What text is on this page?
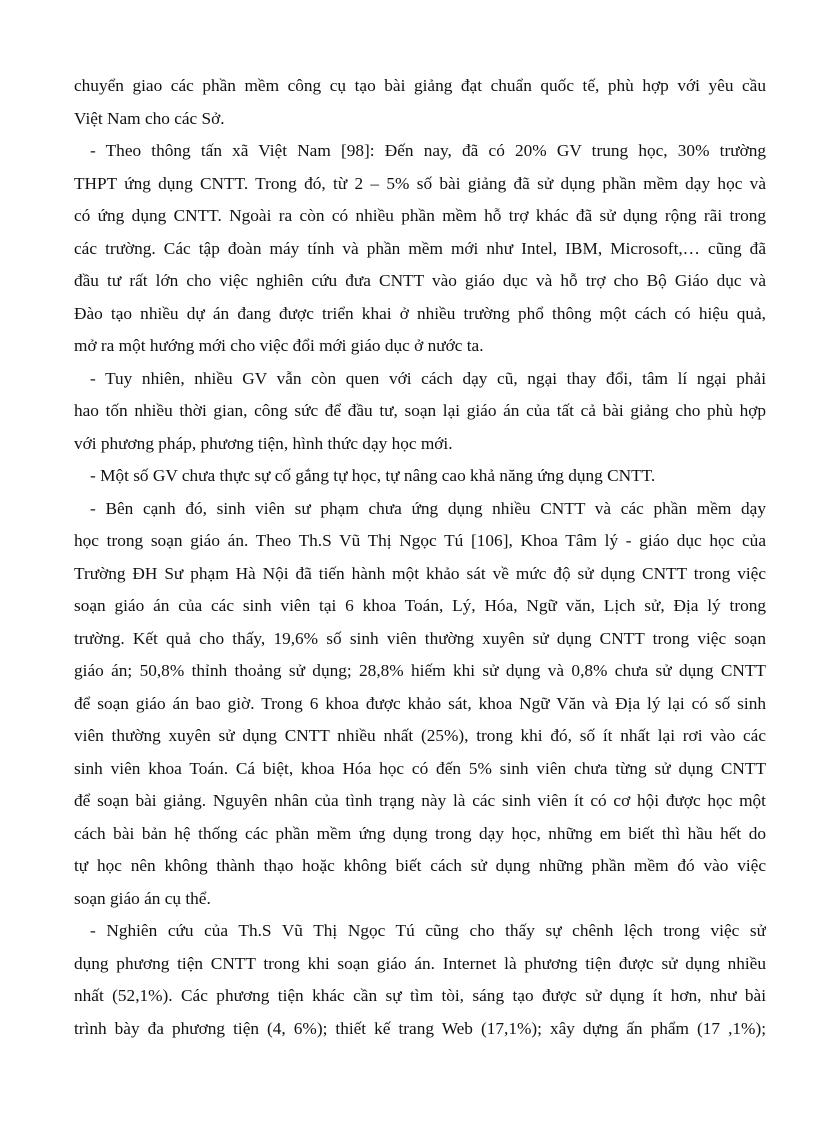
chuyển giao các phần mềm công cụ tạo bài giảng đạt chuẩn quốc tế, phù hợp với yêu cầu
Việt Nam cho các Sở.
- Theo thông tấn xã Việt Nam [98]: Đến nay, đã có 20% GV trung học, 30% trường
THPT ứng dụng CNTT. Trong đó, từ 2 – 5% số bài giảng đã sử dụng phần mềm dạy học và
có ứng dụng CNTT. Ngoài ra còn có nhiều phần mềm hỗ trợ khác đã sử dụng rộng rãi trong
các trường. Các tập đoàn máy tính và phần mềm mới như Intel, IBM, Microsoft,… cũng đã
đầu tư rất lớn cho việc nghiên cứu đưa CNTT vào giáo dục và hỗ trợ cho Bộ Giáo dục và
Đào tạo nhiều dự án đang được triển khai ở nhiều trường phổ thông một cách có hiệu quả,
mở ra một hướng mới cho việc đổi mới giáo dục ở nước ta.
- Tuy nhiên, nhiều GV vẫn còn quen với cách dạy cũ, ngại thay đổi, tâm lí ngại phải
hao tốn nhiều thời gian, công sức để đầu tư, soạn lại giáo án của tất cả bài giảng cho phù hợp
với phương pháp, phương tiện, hình thức dạy học mới.
- Một số GV chưa thực sự cố gắng tự học, tự nâng cao khả năng ứng dụng CNTT.
- Bên cạnh đó, sinh viên sư phạm chưa ứng dụng nhiều CNTT và các phần mềm dạy
học trong soạn giáo án. Theo Th.S Vũ Thị Ngọc Tú [106], Khoa Tâm lý - giáo dục học của
Trường ĐH Sư phạm Hà Nội đã tiến hành một khảo sát về mức độ sử dụng CNTT trong việc
soạn giáo án của các sinh viên tại 6 khoa Toán, Lý, Hóa, Ngữ văn, Lịch sử, Địa lý trong
trường. Kết quả cho thấy, 19,6% số sinh viên thường xuyên sử dụng CNTT trong việc soạn
giáo án; 50,8% thỉnh thoảng sử dụng; 28,8% hiếm khi sử dụng và 0,8% chưa sử dụng CNTT
để soạn giáo án bao giờ. Trong 6 khoa được khảo sát, khoa Ngữ Văn và Địa lý lại có số sinh
viên thường xuyên sử dụng CNTT nhiều nhất (25%), trong khi đó, số ít nhất lại rơi vào các
sinh viên khoa Toán. Cá biệt, khoa Hóa học có đến 5% sinh viên chưa từng sử dụng CNTT
để soạn bài giảng. Nguyên nhân của tình trạng này là các sinh viên ít có cơ hội được học một
cách bài bản hệ thống các phần mềm ứng dụng trong dạy học, những em biết thì hầu hết do
tự học nên không thành thạo hoặc không biết cách sử dụng những phần mềm đó vào việc
soạn giáo án cụ thể.
- Nghiên cứu của Th.S Vũ Thị Ngọc Tú cũng cho thấy sự chênh lệch trong việc sử
dụng phương tiện CNTT trong khi soạn giáo án. Internet là phương tiện được sử dụng nhiều
nhất (52,1%). Các phương tiện khác cần sự tìm tòi, sáng tạo được sử dụng ít hơn, như bài
trình bày đa phương tiện (4, 6%); thiết kế trang Web (17,1%); xây dựng ấn phẩm (17 ,1%);
